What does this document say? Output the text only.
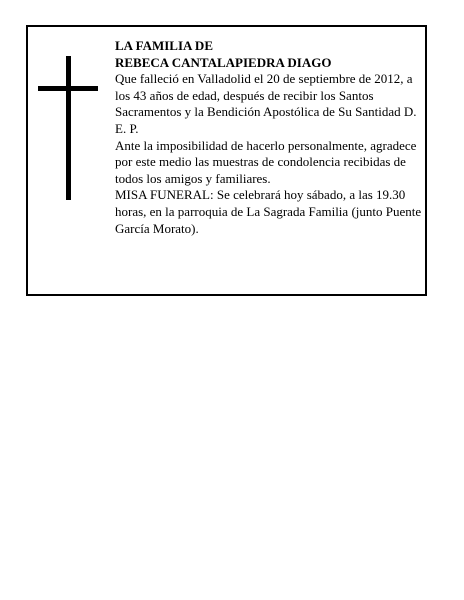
LA FAMILIA DE
REBECA CANTALAPIEDRA DIAGO
Que falleció en Valladolid el 20 de septiembre de 2012, a los 43 años de edad, después de recibir los Santos Sacramentos y la Bendición Apostólica de Su Santidad D. E. P.
Ante la imposibilidad de hacerlo personalmente, agradece por este medio las muestras de condolencia recibidas de todos los amigos y familiares.
MISA FUNERAL: Se celebrará hoy sábado, a las 19.30 horas, en la parroquia de La Sagrada Familia (junto Puente García Morato).
